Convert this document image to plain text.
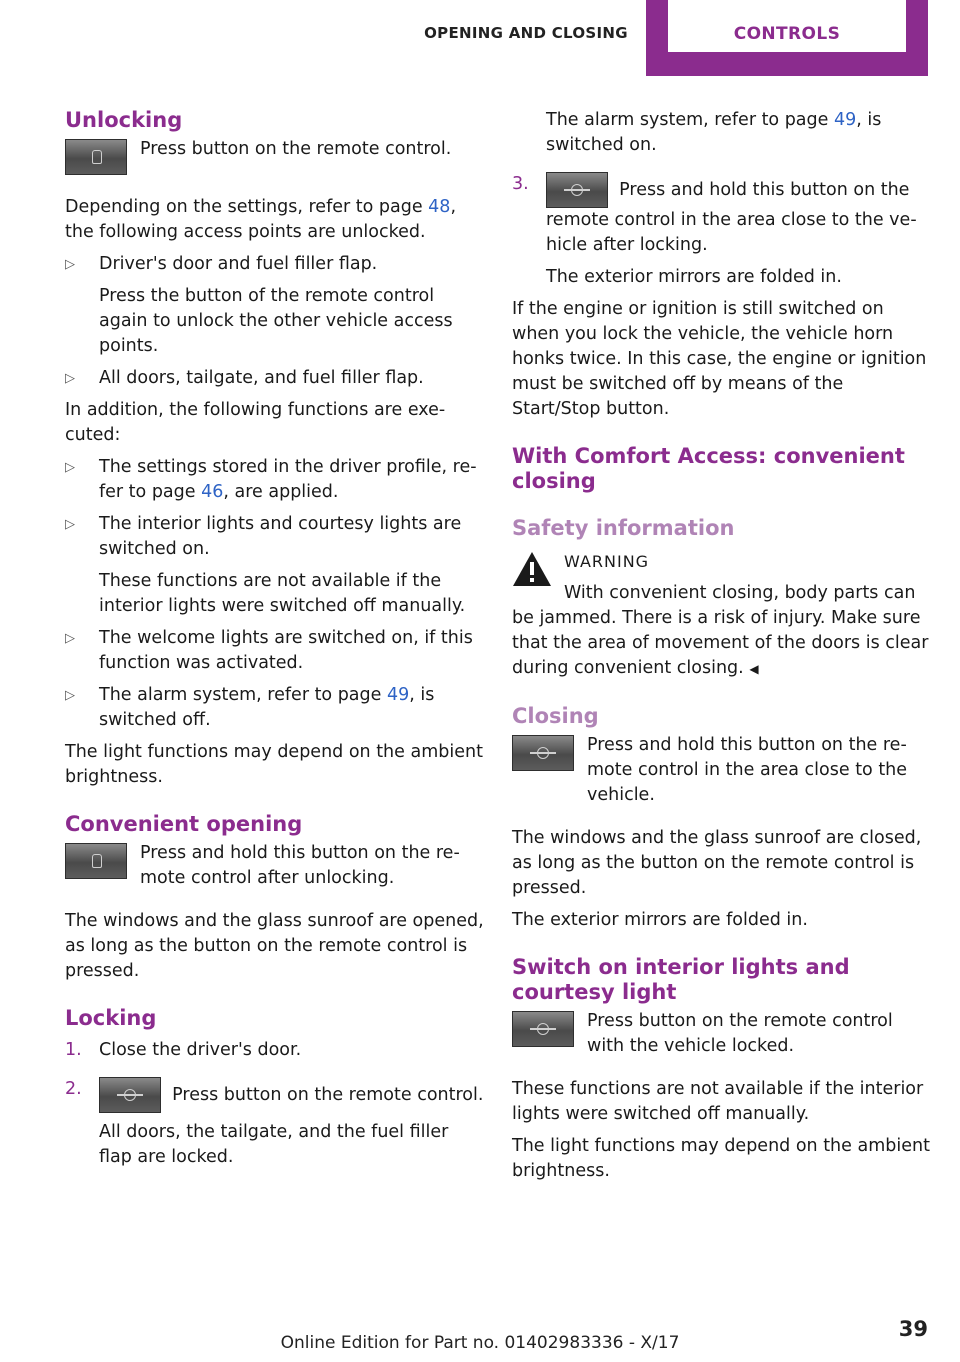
OPENING AND CLOSING	CONTROLS
Unlocking

Press button on the remote control.

Depending on the settings, refer to page 48,
the following access points are unlocked.

▷ Driver's door and fuel filler flap.
Press the button of the remote control again to unlock the other vehicle access points.
▷ All doors, tailgate, and fuel filler flap.

In addition, the following functions are executed:

▷ The settings stored in the driver profile, refer to page 46, are applied.
▷ The interior lights and courtesy lights are switched on.
These functions are not available if the interior lights were switched off manually.
▷ The welcome lights are switched on, if this function was activated.
▷ The alarm system, refer to page 49, is switched off.

The light functions may depend on the ambient brightness.

Convenient opening

Press and hold this button on the remote control after unlocking.

The windows and the glass sunroof are opened, as long as the button on the remote control is pressed.

Locking
1. Close the driver's door.
2.	Press button on the remote control.
All doors, the tailgate, and the fuel filler flap are locked.

The alarm system, refer to page 49, is switched on.

3.	Press and hold this button on the remote control in the area close to the vehicle after locking.
The exterior mirrors are folded in.

If the engine or ignition is still switched on when you lock the vehicle, the vehicle horn honks twice. In this case, the engine or ignition must be switched off by means of the Start/Stop button.

With Comfort Access: convenient closing
Safety information
WARNING
With convenient closing, body parts can

be jammed. There is a risk of injury. Make sure that the area of movement of the doors is clear during convenient closing. ◀

Closing

Press and hold this button on the remote control in the area close to the vehicle.

The windows and the glass sunroof are closed, as long as the button on the remote control is pressed.

The exterior mirrors are folded in.

Switch on interior lights and courtesy light

Press button on the remote control with the vehicle locked.

These functions are not available if the interior lights were switched off manually.

The light functions may depend on the ambient brightness.

Online Edition for Part no. 01402983336 - X/17
39
